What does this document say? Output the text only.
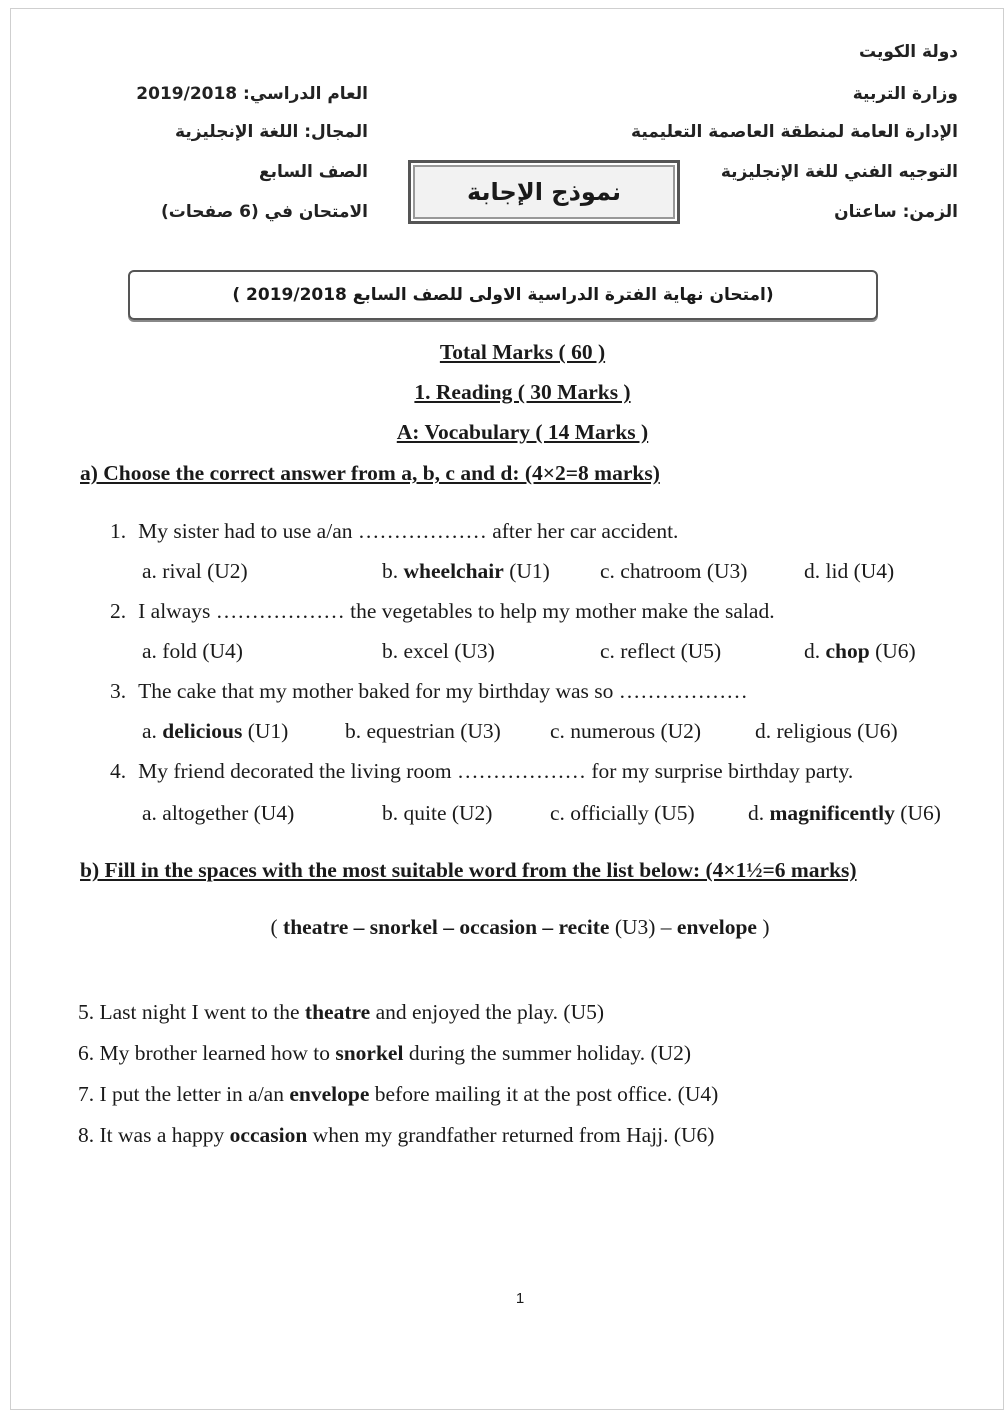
دولة الكويت
وزارة التربية
الإدارة العامة لمنطقة العاصمة التعليمية
التوجيه الفني للغة الإنجليزية
الزمن: ساعتان
العام الدراسي: 2019/2018
المجال: اللغة الإنجليزية
الصف السابع
الامتحان في (6 صفحات)
نموذج الإجابة
(امتحان نهاية الفترة الدراسية الاولى للصف السابع 2019/2018 )
Total Marks ( 60 )
1. Reading ( 30 Marks )
A: Vocabulary ( 14 Marks )
a) Choose the correct answer from a, b, c and d: (4×2=8 marks)
1. My sister had to use a/an ……………… after her car accident.
a. rival (U2)	b. wheelchair (U1) c. chatroom (U3)	d. lid (U4)
2. I always ……………… the vegetables to help my mother make the salad.
a. fold (U4)	b. excel (U3)	c. reflect (U5)	d. chop (U6)
3. The cake that my mother baked for my birthday was so ………………
a. delicious (U1)	b. equestrian (U3) c. numerous (U2)	d. religious (U6)
4. My friend decorated the living room ……………… for my surprise birthday party.
a. altogether (U4)	b. quite (U2)	c. officially (U5) d. magnificently (U6)
b) Fill in the spaces with the most suitable word from the list below: (4×1½=6 marks)
( theatre – snorkel – occasion – recite (U3) – envelope )
5. Last night I went to the theatre and enjoyed the play. (U5)
6. My brother learned how to snorkel during the summer holiday. (U2)
7. I put the letter in a/an envelope before mailing it at the post office. (U4)
8. It was a happy occasion when my grandfather returned from Hajj. (U6)
1
